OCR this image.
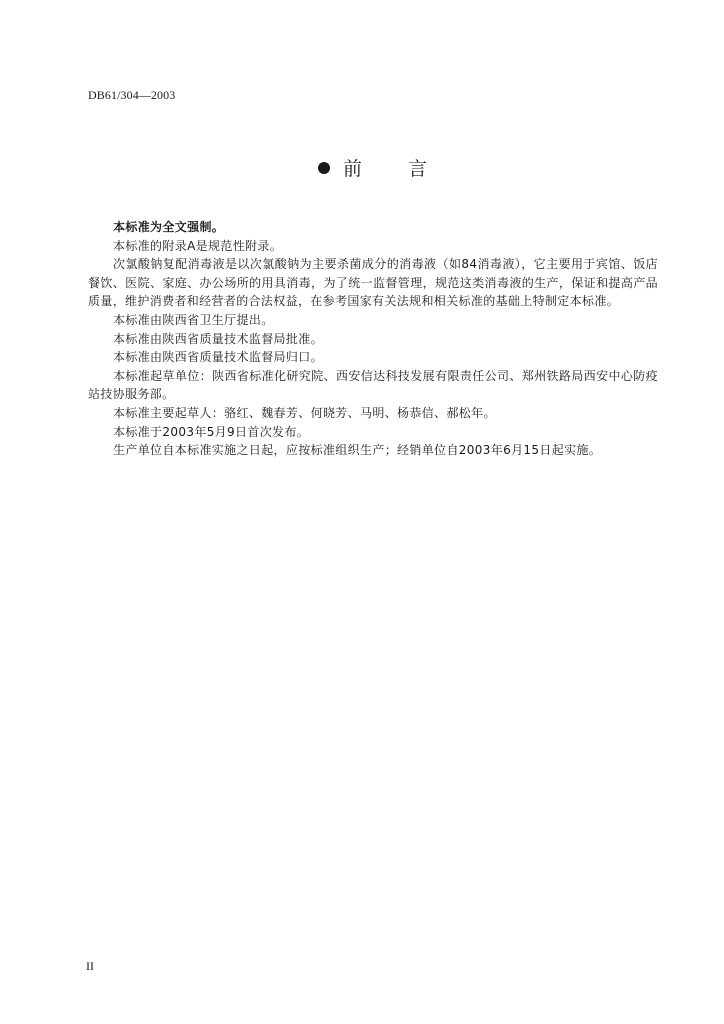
DB61/304—2003
前 言

本标准为全文强制。

本标准的附录A是规范性附录。

次氯酸钠复配消毒液是以次氯酸钠为主要杀菌成分的消毒液（如84消毒液），它主要用于宾馆、饭店餐饮、医院、家庭、办公场所的用具消毒，为了统一监督管理，规范这类消毒液的生产，保证和提高产品质量，维护消费者和经营者的合法权益，在参考国家有关法规和相关标准的基础上特制定本标准。

本标准由陕西省卫生厅提出。

本标准由陕西省质量技术监督局批准。

本标准由陕西省质量技术监督局归口。

本标准起草单位：陕西省标准化研究院、西安信达科技发展有限责任公司、郑州铁路局西安中心防疫站技协服务部。

本标准主要起草人：骆红、魏春芳、何晓芳、马明、杨恭信、郝松年。

本标准于2003年5月9日首次发布。

生产单位自本标准实施之日起，应按标准组织生产；经销单位自2003年6月15日起实施。

II
